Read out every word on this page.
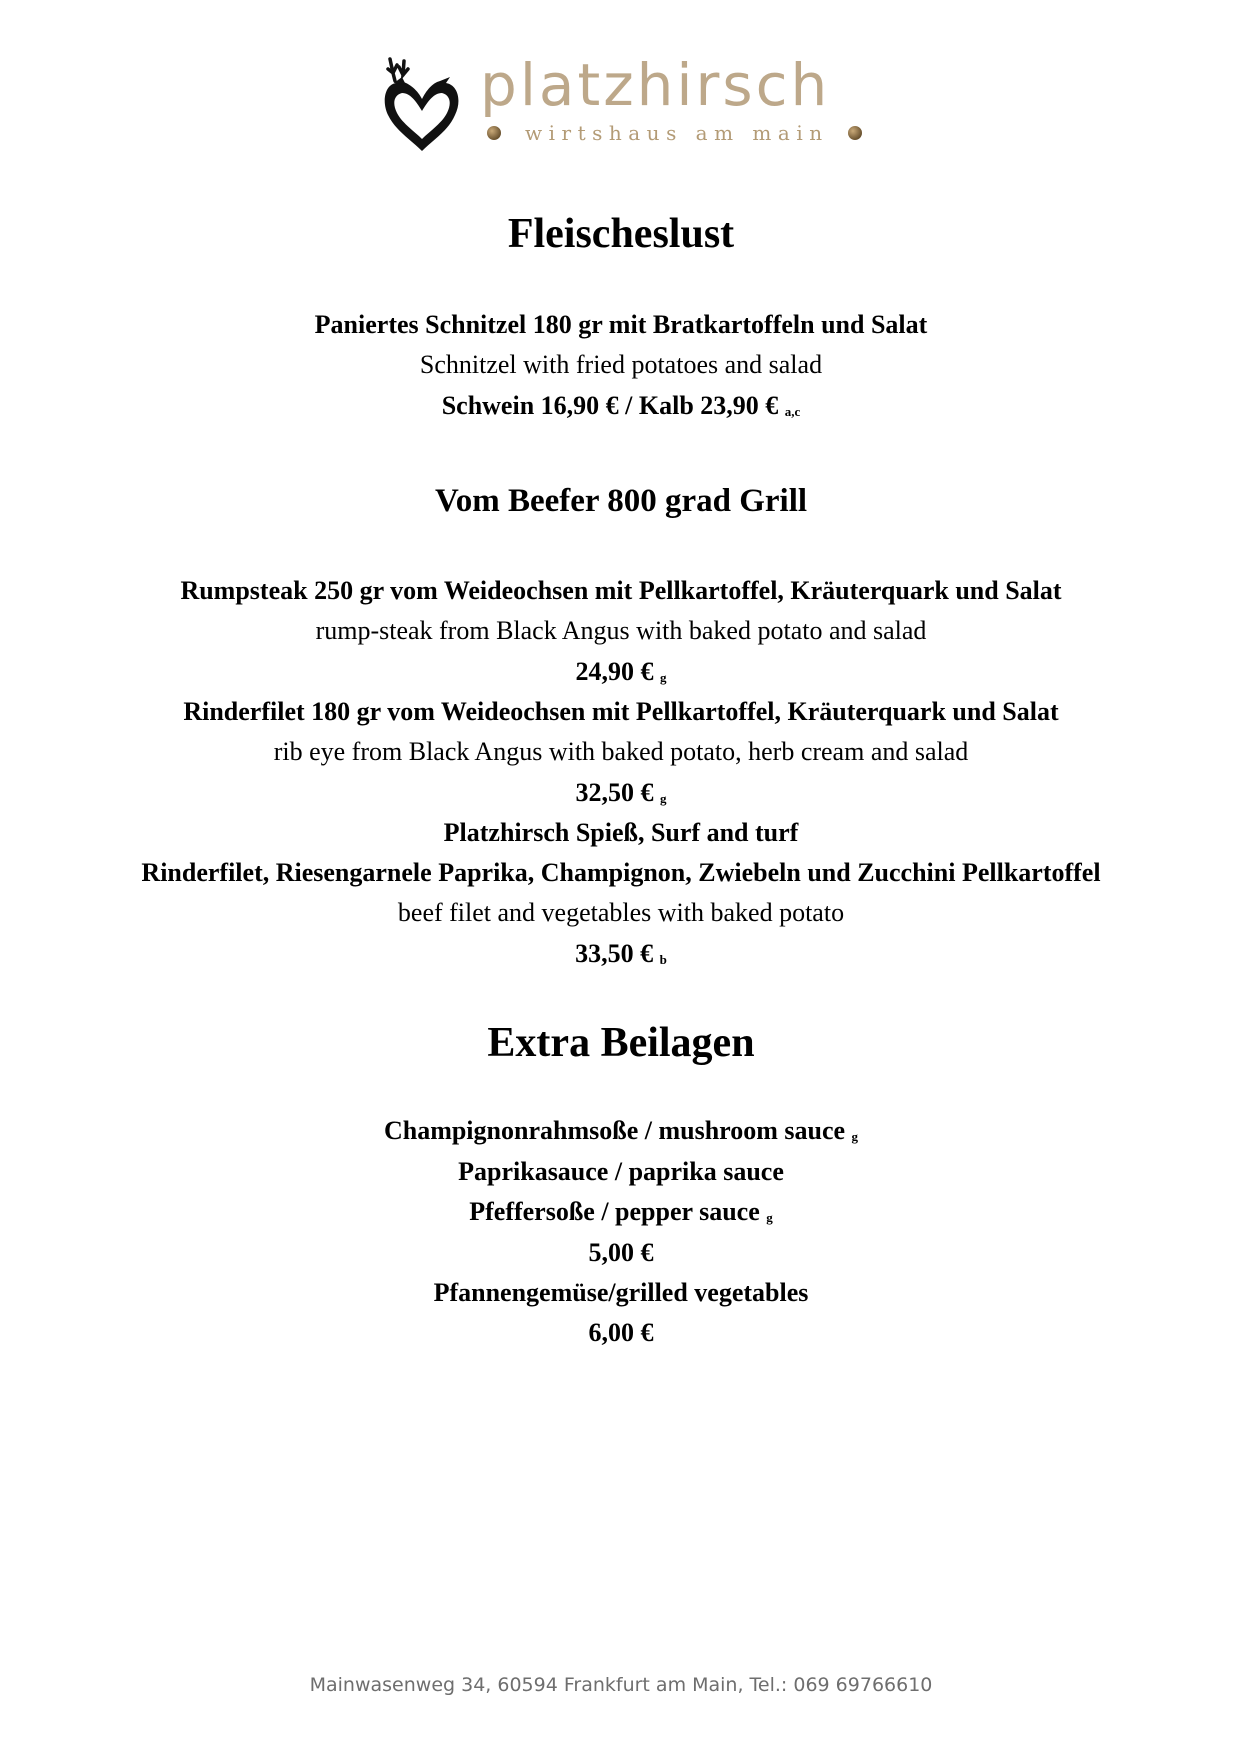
platzhirsch
wirtshaus am main
Fleischeslust
Paniertes Schnitzel 180 gr mit Bratkartoffeln und Salat
Schnitzel with fried potatoes and salad
Schwein 16,90 € / Kalb 23,90 € a,c
Vom Beefer 800 grad Grill
Rumpsteak 250 gr vom Weideochsen mit Pellkartoffel, Kräuterquark und Salat
rump-steak from Black Angus with baked potato and salad
24,90 € g
Rinderfilet 180 gr vom Weideochsen mit Pellkartoffel, Kräuterquark und Salat
rib eye from Black Angus with baked potato, herb cream and salad
32,50 € g
Platzhirsch Spieß, Surf and turf
Rinderfilet, Riesengarnele Paprika, Champignon, Zwiebeln und Zucchini Pellkartoffel
beef filet and vegetables with baked potato
33,50 € b
Extra Beilagen
Champignonrahmsoße / mushroom sauce g
Paprikasauce / paprika sauce
Pfeffersoße / pepper sauce g
5,00 €
Pfannengemüse/grilled vegetables
6,00 €
Mainwasenweg 34, 60594 Frankfurt am Main, Tel.: 069 69766610
